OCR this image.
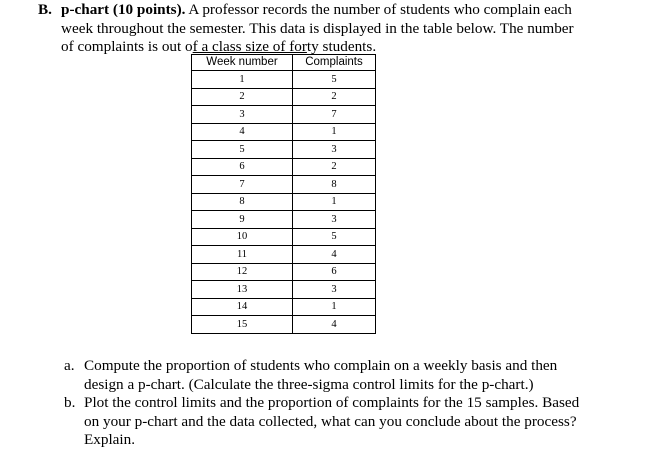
B. p-chart (10 points). A professor records the number of students who complain each
week throughout the semester. This data is displayed in the table below. The number
of complaints is out of a class size of forty students.
Week number	Complaints
1	5
2	2
3	7
4	1
5	3
6	2
7	8
8	1
9	3
10	5
11	4
12	6
13	3
14	1
15	4
a. Compute the proportion of students who complain on a weekly basis and then
design a p-chart. (Calculate the three-sigma control limits for the p-chart.)
b. Plot the control limits and the proportion of complaints for the 15 samples. Based
on your p-chart and the data collected, what can you conclude about the process?
Explain.
